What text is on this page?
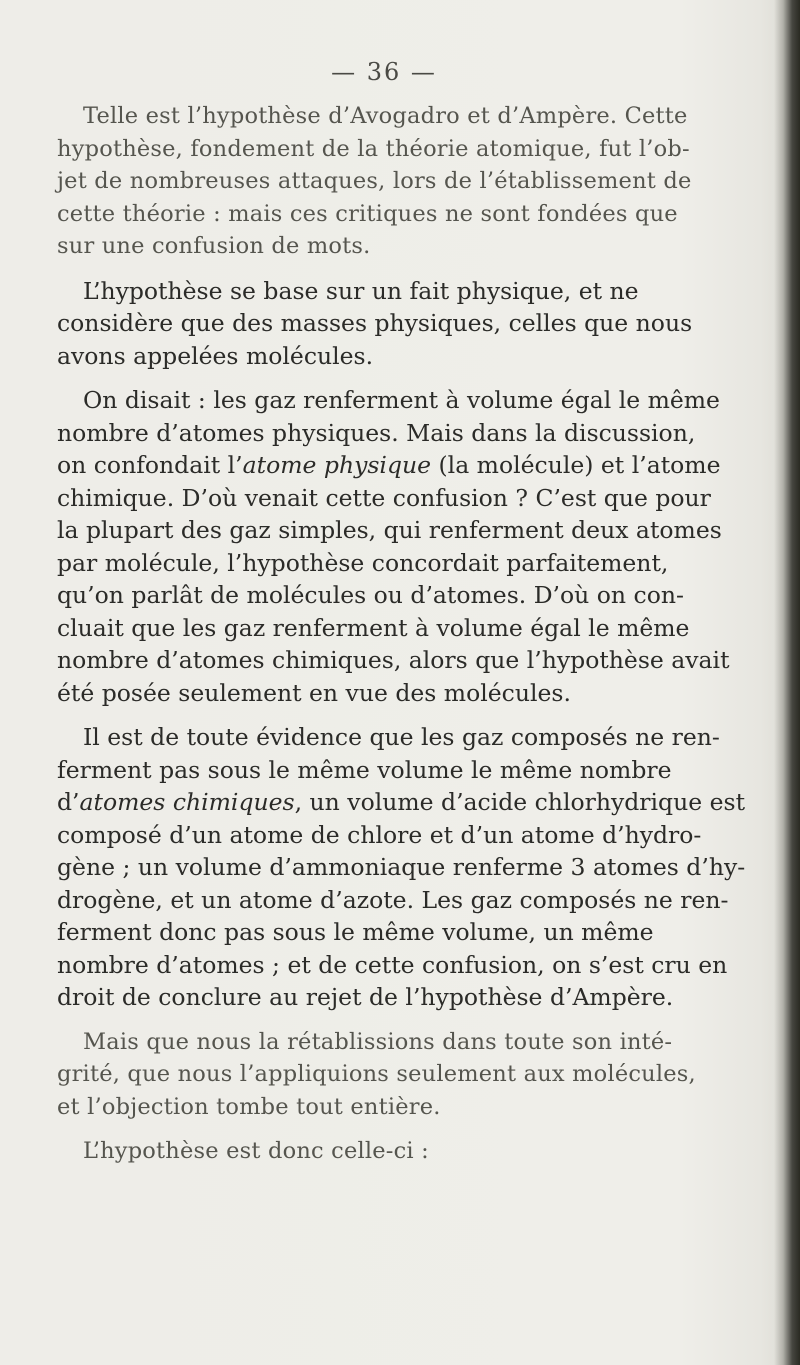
— 36 —

Telle est l’hypothèse d’Avogadro et d’Ampère. Cette
hypothèse, fondement de la théorie atomique, fut l’ob-
jet de nombreuses attaques, lors de l’établissement de
cette théorie : mais ces critiques ne sont fondées que
sur une confusion de mots.

L’hypothèse se base sur un fait physique, et ne
considère que des masses physiques, celles que nous
avons appelées molécules.

On disait : les gaz renferment à volume égal le même
nombre d’atomes physiques. Mais dans la discussion,
on confondait l’atome physique (la molécule) et l’atome
chimique. D’où venait cette confusion ? C’est que pour
la plupart des gaz simples, qui renferment deux atomes
par molécule, l’hypothèse concordait parfaitement,
qu’on parlât de molécules ou d’atomes. D’où on con-
cluait que les gaz renferment à volume égal le même
nombre d’atomes chimiques, alors que l’hypothèse avait
été posée seulement en vue des molécules.

Il est de toute évidence que les gaz composés ne ren-
ferment pas sous le même volume le même nombre
d’atomes chimiques, un volume d’acide chlorhydrique est
composé d’un atome de chlore et d’un atome d’hydro-
gène ; un volume d’ammoniaque renferme 3 atomes d’hy-
drogène, et un atome d’azote. Les gaz composés ne ren-
ferment donc pas sous le même volume, un même
nombre d’atomes ; et de cette confusion, on s’est cru en
droit de conclure au rejet de l’hypothèse d’Ampère.

Mais que nous la rétablissions dans toute son inté-
grité, que nous l’appliquions seulement aux molécules,
et l’objection tombe tout entière.

L’hypothèse est donc celle-ci :
